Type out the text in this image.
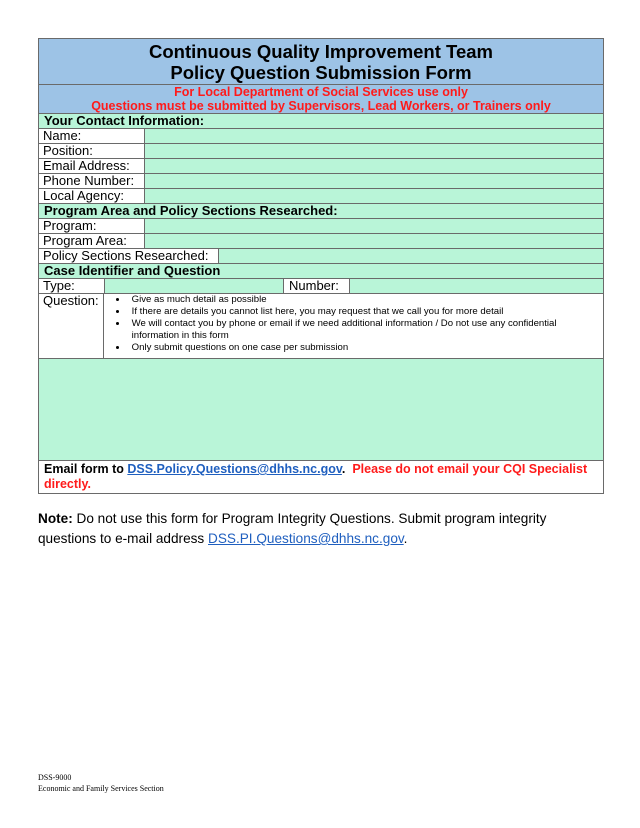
Continuous Quality Improvement Team
Policy Question Submission Form
For Local Department of Social Services use only
Questions must be submitted by Supervisors, Lead Workers, or Trainers only
Your Contact Information:
Name:
Position:
Email Address:
Phone Number:
Local Agency:
Program Area and Policy Sections Researched:
Program:
Program Area:
Policy Sections Researched:
Case Identifier and Question
Type:	Number:
Question:
•	Give as much detail as possible
• If there are details you cannot list here, you may request that we call you for more detail
• We will contact you by phone or email if we need additional information / Do not use any confidential information in this form
• Only submit questions on one case per submission
Email form to DSS.Policy.Questions@dhhs.nc.gov. Please do not email your CQI Specialist directly.
Note: Do not use this form for Program Integrity Questions. Submit program integrity questions to e-mail address DSS.PI.Questions@dhhs.nc.gov.
DSS-9000
Economic and Family Services Section
